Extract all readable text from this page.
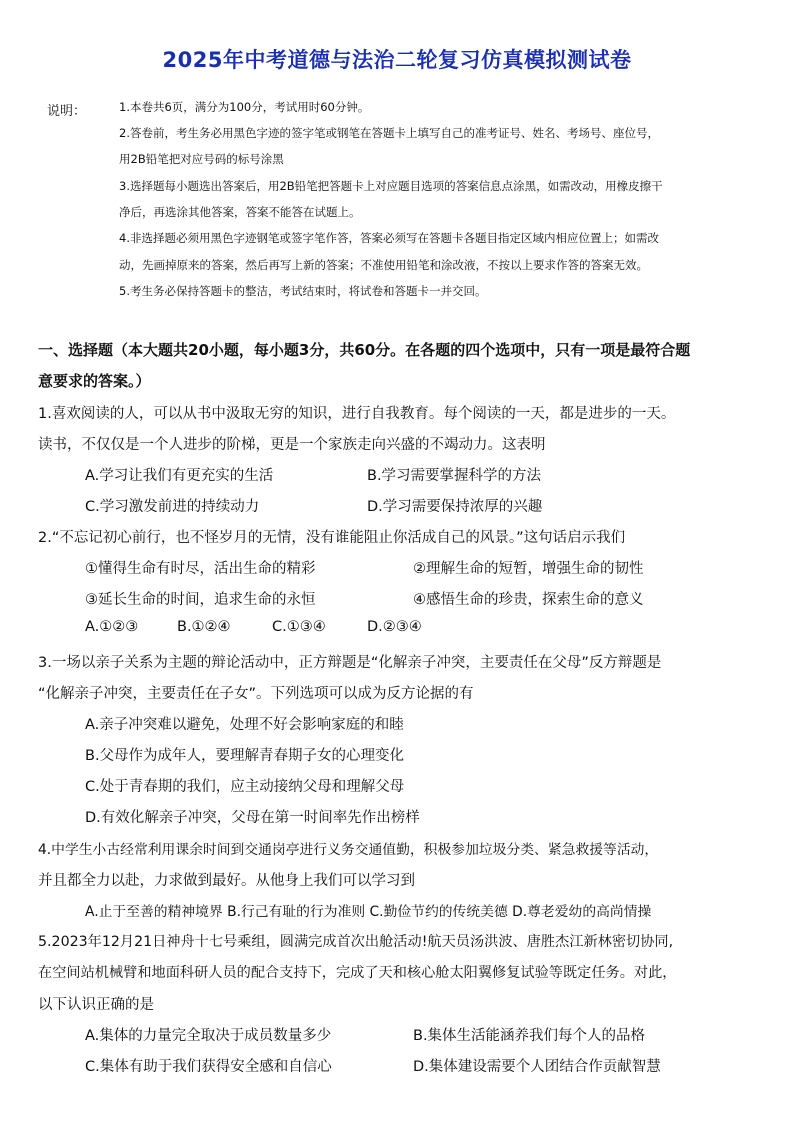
2025年中考道德与法治二轮复习仿真模拟测试卷
说明：	1.本卷共6页，满分为100分，考试用时60分钟。
2.答卷前，考生务必用黑色字迹的签字笔或钢笔在答题卡上填写自己的准考证号、姓名、考场号、座位号，
用2B铅笔把对应号码的标号涂黑
3.选择题每小题选出答案后，用2B铅笔把答题卡上对应题目选项的答案信息点涂黑，如需改动，用橡皮擦干
净后，再选涂其他答案，答案不能答在试题上。
4.非选择题必须用黑色字迹钢笔或签字笔作答，答案必须写在答题卡各题目指定区域内相应位置上；如需改
动，先画掉原来的答案，然后再写上新的答案；不准使用铅笔和涂改液，不按以上要求作答的答案无效。
5.考生务必保持答题卡的整洁，考试结束时，将试卷和答题卡一并交回。
一、选择题（本大题共20小题，每小题3分，共60分。在各题的四个选项中，只有一项是最符合题
意要求的答案。）
1.喜欢阅读的人，可以从书中汲取无穷的知识，进行自我教育。每个阅读的一天，都是进步的一天。
读书，不仅仅是一个人进步的阶梯，更是一个家族走向兴盛的不竭动力。这表明
A.学习让我们有更充实的生活	B.学习需要掌握科学的方法
C.学习激发前进的持续动力	D.学习需要保持浓厚的兴趣
2.“不忘记初心前行，也不怪岁月的无情，没有谁能阻止你活成自己的风景。”这句话启示我们
①懂得生命有时尽，活出生命的精彩	②理解生命的短暂，增强生命的韧性
③延长生命的时间，追求生命的永恒	④感悟生命的珍贵，探索生命的意义
A.①②③	B.①②④	C.①③④	D.②③④
3.一场以亲子关系为主题的辩论活动中，正方辩题是“化解亲子冲突，主要责任在父母”反方辩题是
“化解亲子冲突，主要责任在子女”。下列选项可以成为反方论据的有
A.亲子冲突难以避免，处理不好会影响家庭的和睦
B.父母作为成年人，要理解青春期子女的心理变化
C.处于青春期的我们，应主动接纳父母和理解父母
D.有效化解亲子冲突，父母在第一时间率先作出榜样
4.中学生小古经常利用课余时间到交通岗亭进行义务交通值勤，积极参加垃圾分类、紧急救援等活动，
并且都全力以赴，力求做到最好。从他身上我们可以学习到
A.止于至善的精神境界 B.行己有耻的行为准则 C.勤俭节约的传统美德 D.尊老爱幼的高尚情操
5.2023年12月21日神舟十七号乘组，圆满完成首次出舱活动!航天员汤洪波、唐胜杰江新林密切协同,
在空间站机械臂和地面科研人员的配合支持下，完成了天和核心舱太阳翼修复试验等既定任务。对此，
以下认识正确的是
A.集体的力量完全取决于成员数量多少	B.集体生活能涵养我们每个人的品格
C.集体有助于我们获得安全感和自信心	D.集体建设需要个人团结合作贡献智慧
